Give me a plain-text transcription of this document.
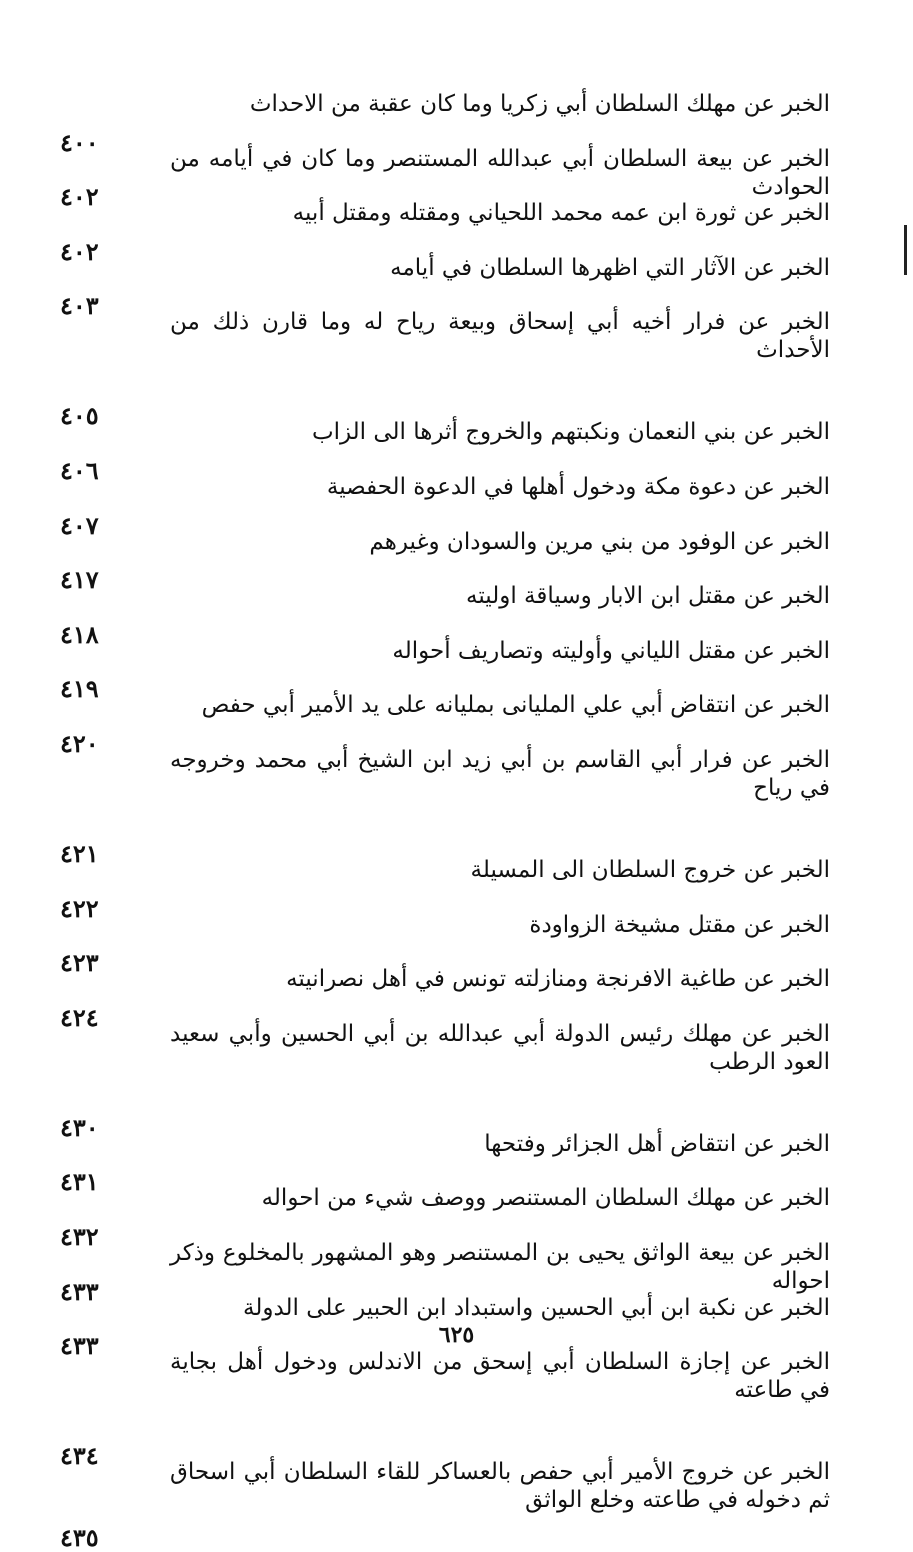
الخبر عن مهلك السلطان أبي زكريا وما كان عقبة من الاحداث
٤٠٠
الخبر عن بيعة السلطان أبي عبدالله المستنصر وما كان في أيامه من الحوادث
٤٠٢
الخبر عن ثورة ابن عمه محمد اللحياني ومقتله ومقتل أبيه
٤٠٢
الخبر عن الآثار التي اظهرها السلطان في أيامه
٤٠٣
الخبر عن فرار أخيه أبي إسحاق وبيعة رياح له وما قارن ذلك من الأحداث
٤٠٥
الخبر عن بني النعمان ونكبتهم والخروج أثرها الى الزاب
٤٠٦
الخبر عن دعوة مكة ودخول أهلها في الدعوة الحفصية
٤٠٧
الخبر عن الوفود من بني مرين والسودان وغيرهم
٤١٧
الخبر عن مقتل ابن الابار وسياقة اوليته
٤١٨
الخبر عن مقتل اللياني وأوليته وتصاريف أحواله
٤١٩
الخبر عن انتقاض أبي علي المليانى بمليانه على يد الأمير أبي حفص
٤٢٠
الخبر عن فرار أبي القاسم بن أبي زيد ابن الشيخ أبي محمد وخروجه في رياح
٤٢١
الخبر عن خروج السلطان الى المسيلة
٤٢٢
الخبر عن مقتل مشيخة الزواودة
٤٢٣
الخبر عن طاغية الافرنجة ومنازلته تونس في أهل نصرانيته
٤٢٤
الخبر عن مهلك رئيس الدولة أبي عبدالله بن أبي الحسين وأبي سعيد العود الرطب
٤٣٠
الخبر عن انتقاض أهل الجزائر وفتحها
٤٣١
الخبر عن مهلك السلطان المستنصر ووصف شيء من احواله
٤٣٢
الخبر عن بيعة الواثق يحيى بن المستنصر وهو المشهور بالمخلوع وذكر احواله
٤٣٣
الخبر عن نكبة ابن أبي الحسين واستبداد ابن الحبير على الدولة
٤٣٣
الخبر عن إجازة السلطان أبي إسحق من الاندلس ودخول أهل بجاية في طاعته
٤٣٤
الخبر عن خروج الأمير أبي حفص بالعساكر للقاء السلطان أبي اسحاق ثم دخوله في طاعته وخلع الواثق
٤٣٥
٦٢٥
